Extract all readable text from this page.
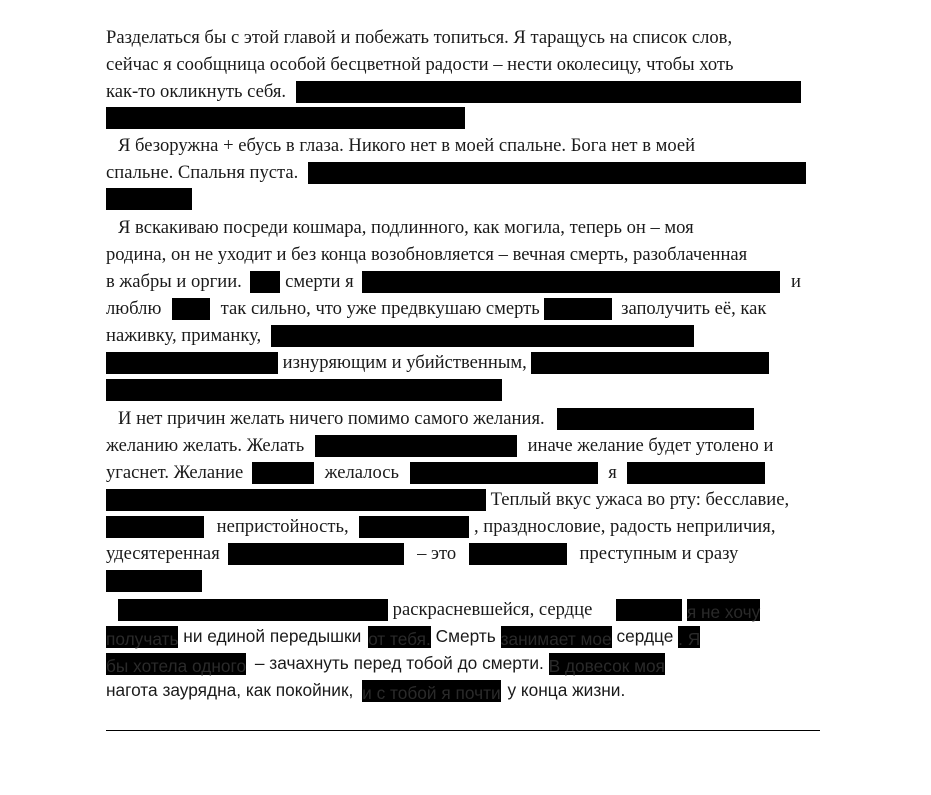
Разделаться бы с этой главой и побежать топиться. Я таращусь на список слов,
сейчас я сообщница особой бесцветной радости – нести околесицу, чтобы хоть
как-то окликнуть себя.
Я безоружна + ебусь в глаза. Никого нет в моей спальне. Бога нет в моей
спальне. Спальня пуста.
Я вскакиваю посреди кошмара, подлинного, как могила, теперь он – моя
родина, он не уходит и без конца возобновляется – вечная смерть, разоблаченная
в жабры и оргии. смерти я	и
люблю	так сильно, что уже предвкушаю смерть	заполучить её, как
наживку, приманку,
изнуряющим и убийственным,
И нет причин желать ничего помимо самого желания.
желанию желать. Желать	иначе желание будет утолено и
угаснет. Желание	желалось	я
Теплый вкус ужаса во рту: бесславие,
непристойность,	, празднословие, радость неприличия,
удесятеренная	– это	преступным и сразу
раскрасневшейся, сердце	я не хочу
получать ни единой передышки от тебя. Смерть занимает мое сердце . Я
бы хотела одного – зачахнуть перед тобой до смерти. В довесок моя
нагота заурядна, как покойник, и с тобой я почти у конца жизни.
